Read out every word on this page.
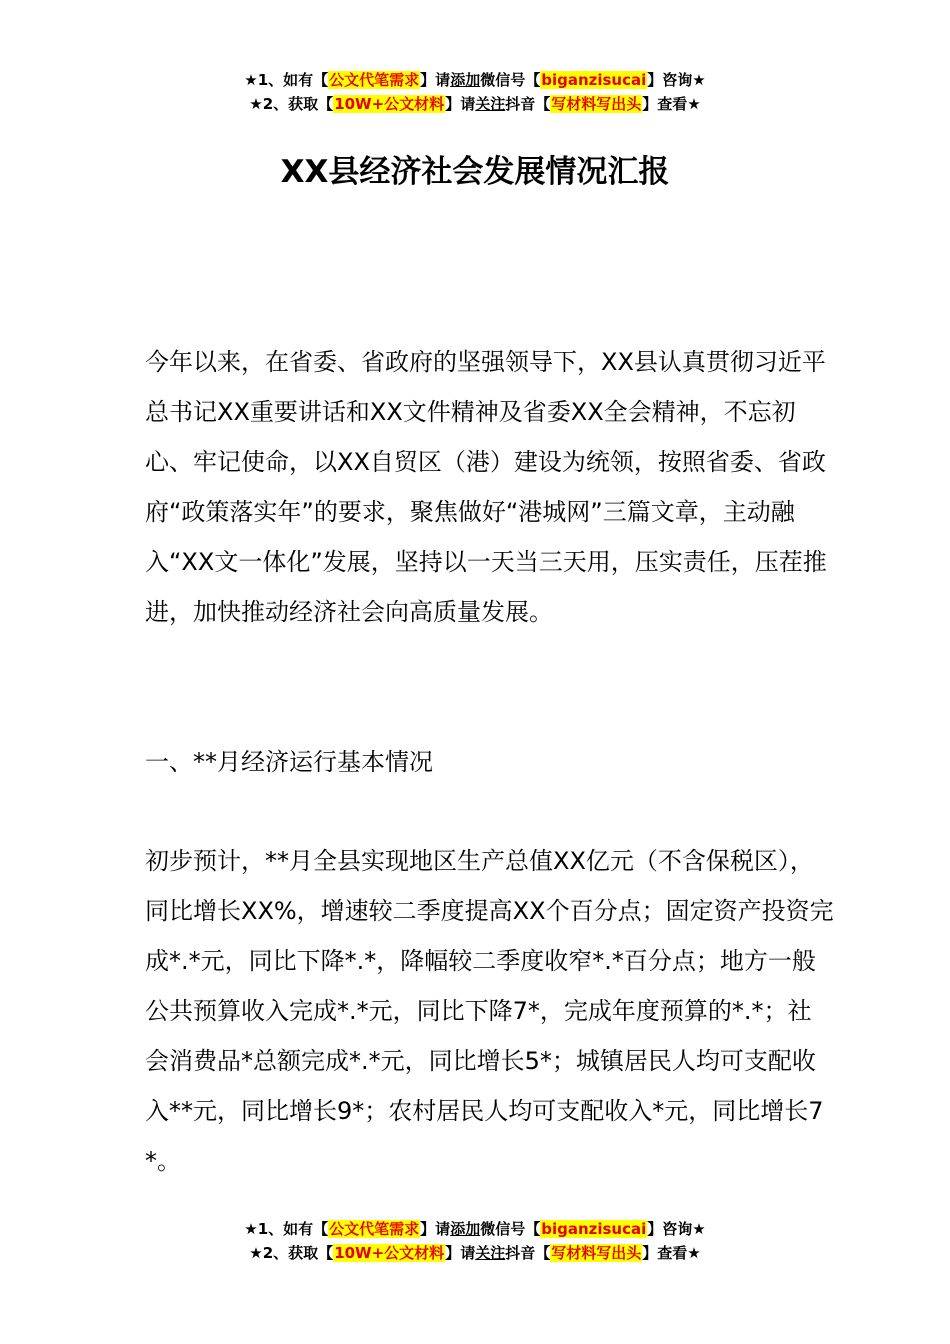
★1、如有【公文代笔需求】请添加微信号【biganzisucai】咨询★
★2、获取【10W+公文材料】请关注抖音【写材料写出头】查看★
XX县经济社会发展情况汇报

今年以来，在省委、省政府的坚强领导下，XX县认真贯彻习近平总书记XX重要讲话和XX文件精神及省委XX全会精神，不忘初心、牢记使命，以XX自贸区（港）建设为统领，按照省委、省政府“政策落实年”的要求，聚焦做好“港城网”三篇文章，主动融入“XX文一体化”发展，坚持以一天当三天用，压实责任，压茬推进，加快推动经济社会向高质量发展。

一、**月经济运行基本情况

初步预计，**月全县实现地区生产总值XX亿元（不含保税区），同比增长XX%，增速较二季度提高XX个百分点；固定资产投资完成*.*元，同比下降*.*，降幅较二季度收窄*.*百分点；地方一般公共预算收入完成*.*元，同比下降7*，完成年度预算的*.*；社会消费品*总额完成*.*元，同比增长5*；城镇居民人均可支配收入**元，同比增长9*；农村居民人均可支配收入*元，同比增长7*。

★1、如有【公文代笔需求】请添加微信号【biganzisucai】咨询★
★2、获取【10W+公文材料】请关注抖音【写材料写出头】查看★
